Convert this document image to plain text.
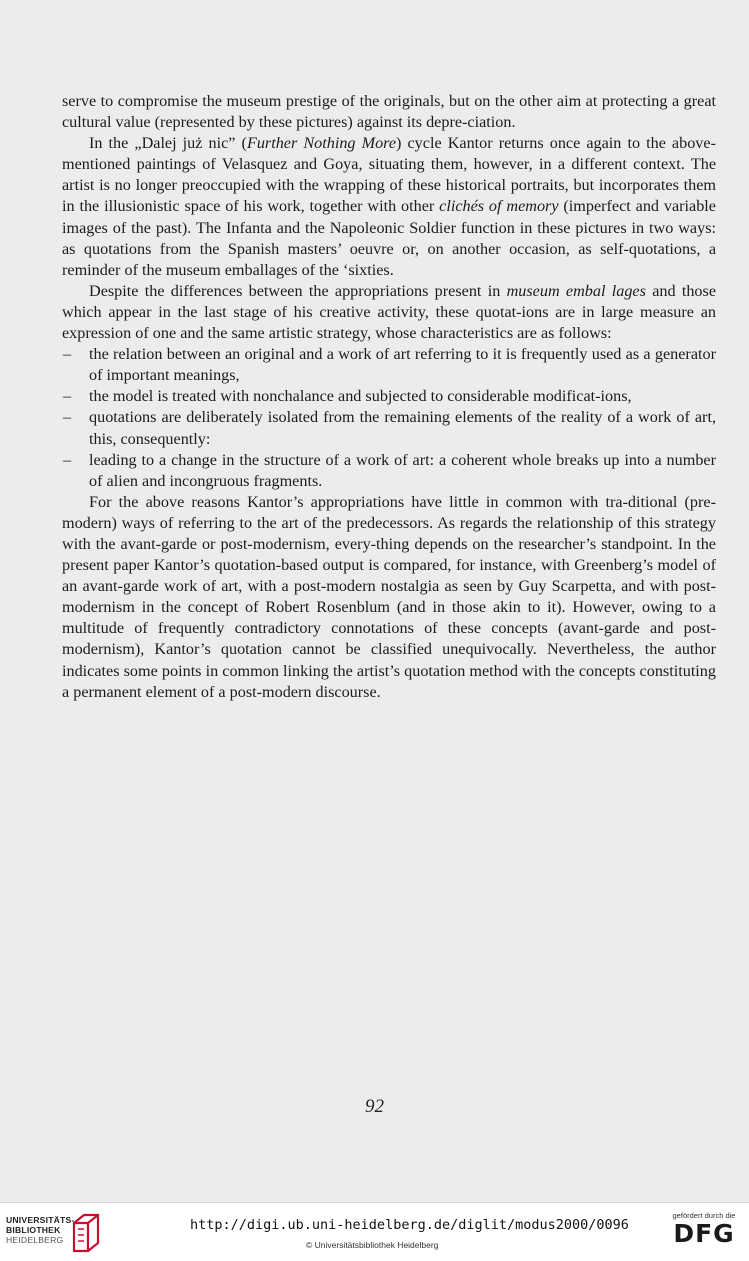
serve to compromise the museum prestige of the originals, but on the other aim at protecting a great cultural value (represented by these pictures) against its depre-ciation.

In the „Dalej już nic” (Further Nothing More) cycle Kantor returns once again to the above-mentioned paintings of Velasquez and Goya, situating them, however, in a different context. The artist is no longer preoccupied with the wrapping of these historical portraits, but incorporates them in the illusionistic space of his work, together with other clichés of memory (imperfect and variable images of the past). The Infanta and the Napoleonic Soldier function in these pictures in two ways: as quotations from the Spanish masters’ oeuvre or, on another occasion, as self-quotations, a reminder of the museum emballages of the ‘sixties.

Despite the differences between the appropriations present in museum embal lages and those which appear in the last stage of his creative activity, these quotat-ions are in large measure an expression of one and the same artistic strategy, whose characteristics are as follows:

– the relation between an original and a work of art referring to it is frequently used as a generator of important meanings,
– the model is treated with nonchalance and subjected to considerable modificat-ions,
– quotations are deliberately isolated from the remaining elements of the reality of a work of art, this, consequently:
– leading to a change in the structure of a work of art: a coherent whole breaks up into a number of alien and incongruous fragments.

For the above reasons Kantor’s appropriations have little in common with tra-ditional (pre-modern) ways of referring to the art of the predecessors. As regards the relationship of this strategy with the avant-garde or post-modernism, every-thing depends on the researcher’s standpoint. In the present paper Kantor’s quotation-based output is compared, for instance, with Greenberg’s model of an avant-garde work of art, with a post-modern nostalgia as seen by Guy Scarpetta, and with post-modernism in the concept of Robert Rosenblum (and in those akin to it). However, owing to a multitude of frequently contradictory connotations of these concepts (avant-garde and post-modernism), Kantor’s quotation cannot be classified unequivocally. Nevertheless, the author indicates some points in common linking the artist’s quotation method with the concepts constituting a permanent element of a post-modern discourse.

92
UNIVERSITÄTS-
BIBLIOTHEK
HEIDELBERG
http://digi.ub.uni-heidelberg.de/diglit/modus2000/0096
© Universitätsbibliothek Heidelberg
gefördert durch die
DFG
